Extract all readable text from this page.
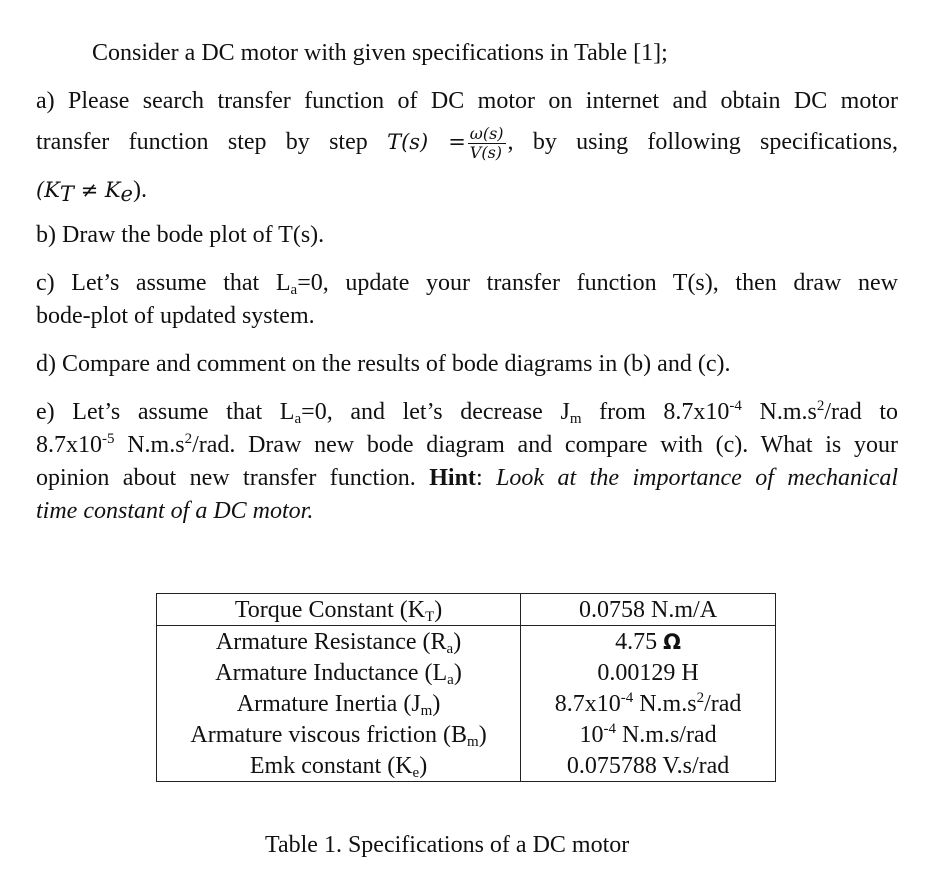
Consider a DC motor with given specifications in Table [1];
a) Please search transfer function of DC motor on internet and obtain DC motor
transfer function step by step $T(s) = \frac{\omega(s)}{V(s)}$ , by using following specifications,
$(K_T \ne K_e)$.
b) Draw the bode plot of T(s).
c) Let’s assume that $L_a=0$, update your transfer function T(s), then draw new
bode-plot of updated system.
d) Compare and comment on the results of bode diagrams in (b) and (c).
e) Let’s assume that $L_a=0$, and let’s decrease $J_m$ from $8.7x10^{-4}$ $N.m.s^2$/rad to
$8.7x10^{-5}$ $N.m.s^2$/rad. Draw new bode diagram and compare with (c). What is your
opinion about new transfer function. Hint: Look at the importance of mechanical
time constant of a DC motor.
Torque Constant $(K_T)$	0.0758 N.m/A
Armature Resistance $(R_a)$	4.75 Ω
Armature Inductance $(L_a)$	0.00129 H
Armature Inertia $(J_m)$	$8.7x10^{-4}$ $N.m.s^2$/rad
Armature viscous friction $(B_m)$	$10^{-4}$ N.m.s/rad
Emk constant $(K_e)$	0.075788 V.s/rad
Table 1. Specifications of a DC motor
